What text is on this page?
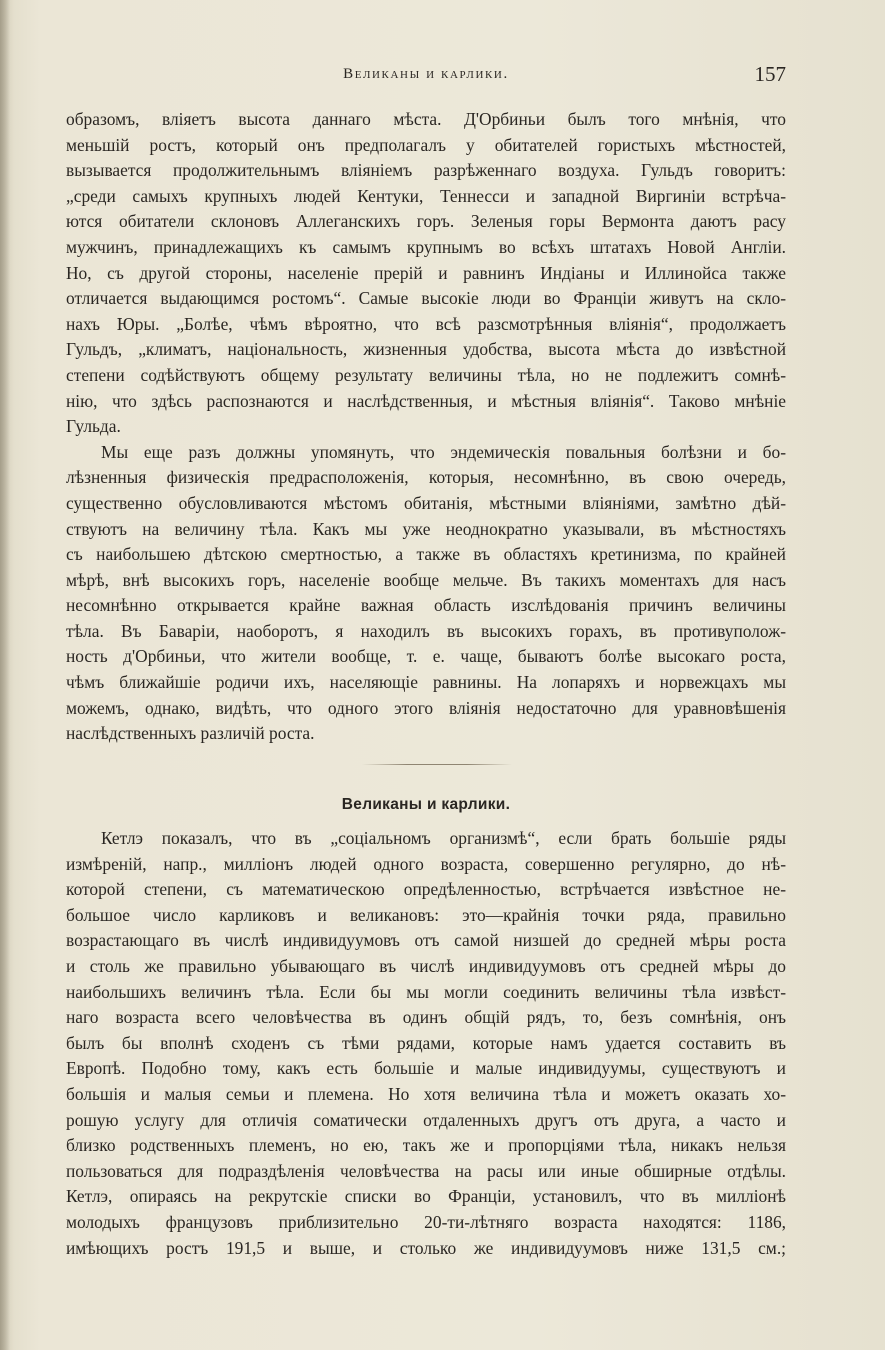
Великаны и карлики.	157
образомъ, вліяетъ высота даннаго мѣста. Д'Орбиньи былъ того мнѣнія, что
меньшій ростъ, который онъ предполагалъ у обитателей гористыхъ мѣстностей,
вызывается продолжительнымъ вліяніемъ разрѣженнаго воздуха. Гульдъ говоритъ:
„среди самыхъ крупныхъ людей Кентуки, Теннесси и западной Виргиніи встрѣча-
ются обитатели склоновъ Аллеганскихъ горъ. Зеленыя горы Вермонта даютъ расу
мужчинъ, принадлежащихъ къ самымъ крупнымъ во всѣхъ штатахъ Новой Англіи.
Но, съ другой стороны, населеніе прерій и равнинъ Индіаны и Иллинойса также
отличается выдающимся ростомъ“. Самые высокіе люди во Франціи живутъ на скло-
нахъ Юры. „Болѣе, чѣмъ вѣроятно, что всѣ разсмотрѣнныя вліянія“, продолжаетъ
Гульдъ, „климатъ, національность, жизненныя удобства, высота мѣста до извѣстной
степени содѣйствуютъ общему результату величины тѣла, но не подлежитъ сомнѣ-
нію, что здѣсь распознаются и наслѣдственныя, и мѣстныя вліянія“. Таково мнѣніе
Гульда.
Мы еще разъ должны упомянуть, что эндемическія повальныя болѣзни и бо-
лѣзненныя физическія предрасположенія, которыя, несомнѣнно, въ свою очередь,
существенно обусловливаются мѣстомъ обитанія, мѣстными вліяніями, замѣтно дѣй-
ствуютъ на величину тѣла. Какъ мы уже неоднократно указывали, въ мѣстностяхъ
съ наибольшею дѣтскою смертностью, а также въ областяхъ кретинизма, по крайней
мѣрѣ, внѣ высокихъ горъ, населеніе вообще мельче. Въ такихъ моментахъ для насъ
несомнѣнно открывается крайне важная область изслѣдованія причинъ величины
тѣла. Въ Баваріи, наоборотъ, я находилъ въ высокихъ горахъ, въ противуполож-
ность д'Орбиньи, что жители вообще, т. е. чаще, бываютъ болѣе высокаго роста,
чѣмъ ближайшіе родичи ихъ, населяющіе равнины. На лопаряхъ и норвежцахъ мы
можемъ, однако, видѣть, что одного этого вліянія недостаточно для уравновѣшенія
наслѣдственныхъ различій роста.
Великаны и карлики.
Кетлэ показалъ, что въ „соціальномъ организмѣ“, если брать большіе ряды
измѣреній, напр., милліонъ людей одного возраста, совершенно регулярно, до нѣ-
которой степени, съ математическою опредѣленностью, встрѣчается извѣстное не-
большое число карликовъ и великановъ: это—крайнія точки ряда, правильно
возрастающаго въ числѣ индивидуумовъ отъ самой низшей до средней мѣры роста
и столь же правильно убывающаго въ числѣ индивидуумовъ отъ средней мѣры до
наибольшихъ величинъ тѣла. Если бы мы могли соединить величины тѣла извѣст-
наго возраста всего человѣчества въ одинъ общій рядъ, то, безъ сомнѣнія, онъ
былъ бы вполнѣ сходенъ съ тѣми рядами, которые намъ удается составить въ
Европѣ. Подобно тому, какъ есть большіе и малые индивидуумы, существуютъ и
большія и малыя семьи и племена. Но хотя величина тѣла и можетъ оказать хо-
рошую услугу для отличія соматически отдаленныхъ другъ отъ друга, а часто и
близко родственныхъ племенъ, но ею, такъ же и пропорціями тѣла, никакъ нельзя
пользоваться для подраздѣленія человѣчества на расы или иные обширные отдѣлы.
Кетлэ, опираясь на рекрутскіе списки во Франціи, установилъ, что въ милліонѣ
молодыхъ французовъ приблизительно 20-ти-лѣтняго возраста находятся: 1186,
имѣющихъ ростъ 191,5 и выше, и столько же индивидуумовъ ниже 131,5 см.;
